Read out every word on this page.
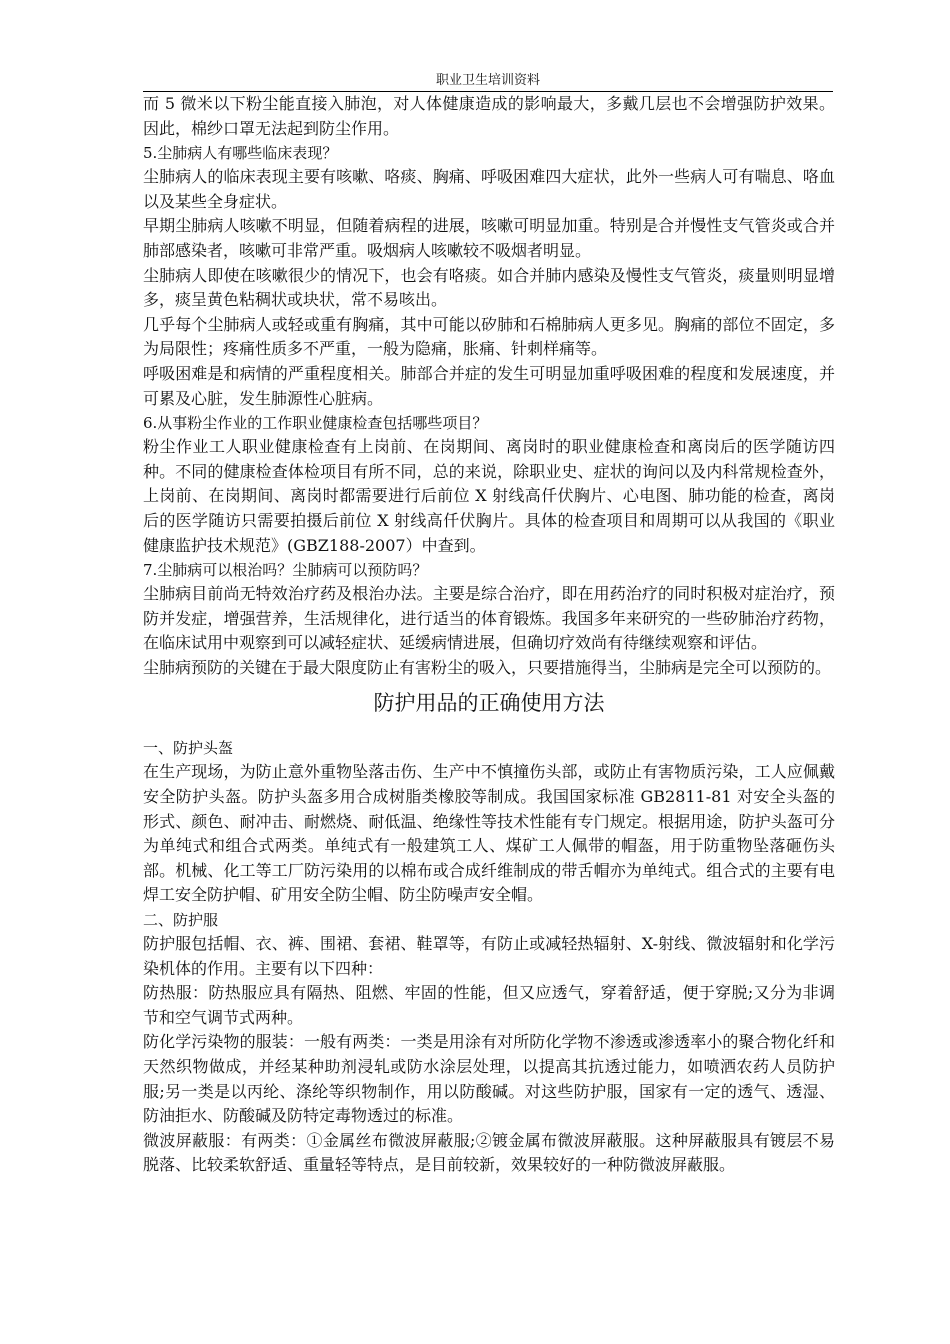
职业卫生培训资料

而 5 微米以下粉尘能直接入肺泡，对人体健康造成的影响最大，多戴几层也不会增强防护效果。因此，棉纱口罩无法起到防尘作用。

5.尘肺病人有哪些临床表现？

尘肺病人的临床表现主要有咳嗽、咯痰、胸痛、呼吸困难四大症状，此外一些病人可有喘息、咯血以及某些全身症状。

早期尘肺病人咳嗽不明显，但随着病程的进展，咳嗽可明显加重。特别是合并慢性支气管炎或合并肺部感染者，咳嗽可非常严重。吸烟病人咳嗽较不吸烟者明显。

尘肺病人即使在咳嗽很少的情况下，也会有咯痰。如合并肺内感染及慢性支气管炎，痰量则明显增多，痰呈黄色粘稠状或块状，常不易咳出。

几乎每个尘肺病人或轻或重有胸痛，其中可能以矽肺和石棉肺病人更多见。胸痛的部位不固定，多为局限性；疼痛性质多不严重，一般为隐痛，胀痛、针刺样痛等。

呼吸困难是和病情的严重程度相关。肺部合并症的发生可明显加重呼吸困难的程度和发展速度，并可累及心脏，发生肺源性心脏病。

6.从事粉尘作业的工作职业健康检查包括哪些项目？

粉尘作业工人职业健康检查有上岗前、在岗期间、离岗时的职业健康检查和离岗后的医学随访四种。不同的健康检查体检项目有所不同，总的来说，除职业史、症状的询问以及内科常规检查外，上岗前、在岗期间、离岗时都需要进行后前位 X 射线高仟伏胸片、心电图、肺功能的检查，离岗后的医学随访只需要拍摄后前位 X 射线高仟伏胸片。具体的检查项目和周期可以从我国的《职业健康监护技术规范》(GBZ188-2007）中查到。

7.尘肺病可以根治吗？尘肺病可以预防吗？

尘肺病目前尚无特效治疗药及根治办法。主要是综合治疗，即在用药治疗的同时积极对症治疗，预防并发症，增强营养，生活规律化，进行适当的体育锻炼。我国多年来研究的一些矽肺治疗药物，在临床试用中观察到可以减轻症状、延缓病情进展，但确切疗效尚有待继续观察和评估。

尘肺病预防的关键在于最大限度防止有害粉尘的吸入，只要措施得当，尘肺病是完全可以预防的。

防护用品的正确使用方法

一、防护头盔

在生产现场，为防止意外重物坠落击伤、生产中不慎撞伤头部，或防止有害物质污染，工人应佩戴安全防护头盔。防护头盔多用合成树脂类橡胶等制成。我国国家标准 GB2811-81 对安全头盔的形式、颜色、耐冲击、耐燃烧、耐低温、绝缘性等技术性能有专门规定。根据用途，防护头盔可分为单纯式和组合式两类。单纯式有一般建筑工人、煤矿工人佩带的帽盔，用于防重物坠落砸伤头部。机械、化工等工厂防污染用的以棉布或合成纤维制成的带舌帽亦为单纯式。组合式的主要有电焊工安全防护帽、矿用安全防尘帽、防尘防噪声安全帽。

二、防护服

防护服包括帽、衣、裤、围裙、套裙、鞋罩等，有防止或减轻热辐射、X-射线、微波辐射和化学污染机体的作用。主要有以下四种：

防热服：防热服应具有隔热、阻燃、牢固的性能，但又应透气，穿着舒适，便于穿脱;又分为非调节和空气调节式两种。

防化学污染物的服装：一般有两类：一类是用涂有对所防化学物不渗透或渗透率小的聚合物化纤和天然织物做成，并经某种助剂浸轧或防水涂层处理，以提高其抗透过能力，如喷洒农药人员防护服;另一类是以丙纶、涤纶等织物制作，用以防酸碱。对这些防护服，国家有一定的透气、透湿、防油拒水、防酸碱及防特定毒物透过的标准。

微波屏蔽服：有两类：①金属丝布微波屏蔽服;②镀金属布微波屏蔽服。这种屏蔽服具有镀层不易脱落、比较柔软舒适、重量轻等特点，是目前较新，效果较好的一种防微波屏蔽服。
